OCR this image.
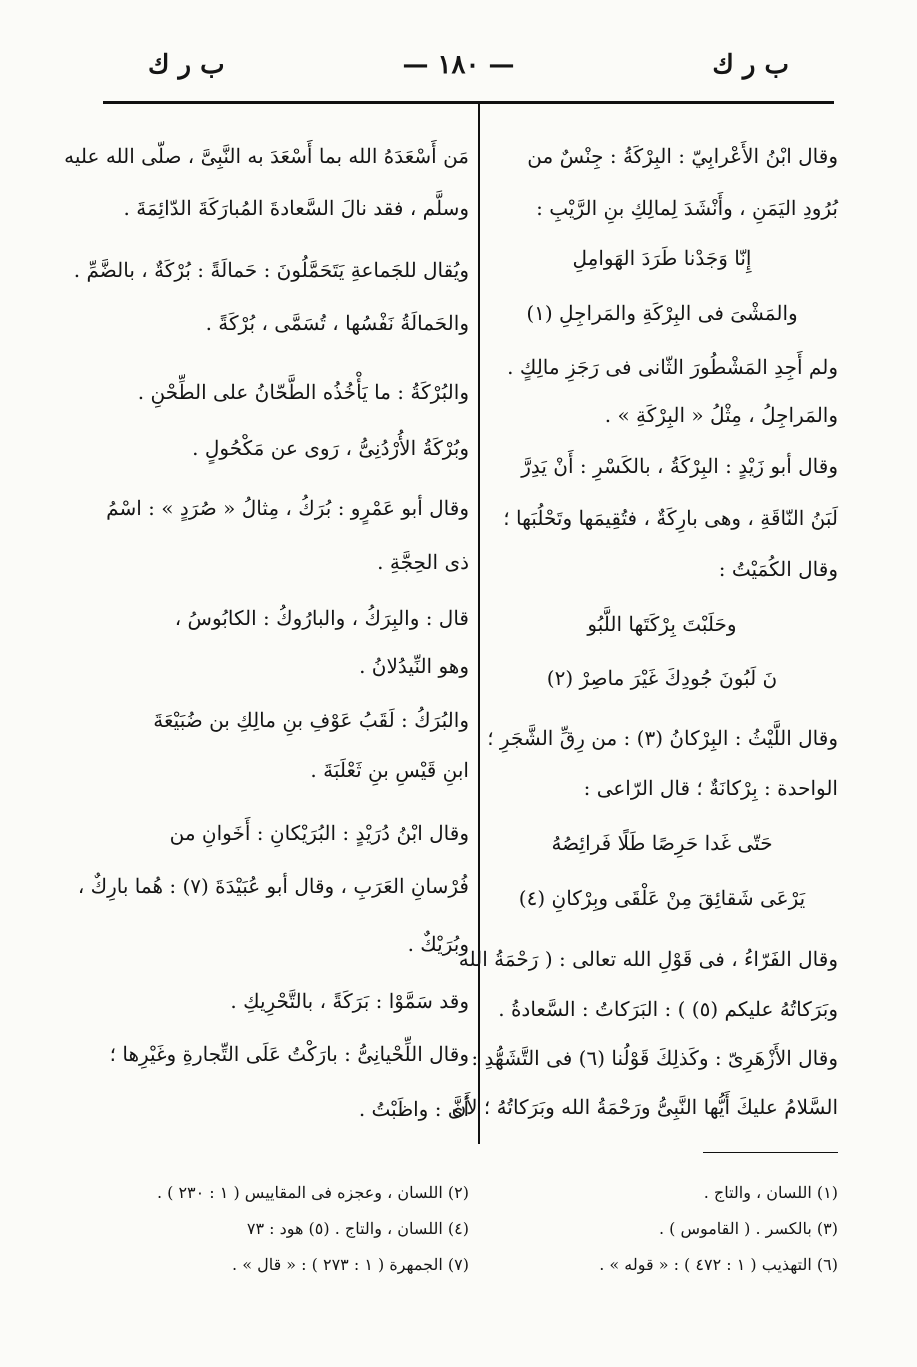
— ۱۸۰ —	ب ر ك
ب ر ك
وقال ابْنُ الأَعْرابِيّ : البِرْكَةُ : جِنْسٌ من
بُرُودِ اليَمَنِ ، وأَنْشَدَ لِمالِكِ بنِ الرَّيْبِ :
إِنّا وَجَدْنا طَرَدَ الهَوامِلِ
والمَشْىَ فى البِرْكَةِ والمَراجِلِ (۱)
ولم أَجِدِ المَشْطُورَ الثّانى فى رَجَزِ مالِكٍ .
والمَراجِلُ ، مِثْلُ « البِرْكَةِ » .
وقال أبو زَيْدٍ : البِرْكَةُ ، بالكَسْرِ : أَنْ يَدِرَّ
لَبَنُ النّاقَةِ ، وهى بارِكَةٌ ، فتُقِيمَها وتَحْلُبَها ؛
وقال الكُمَيْتُ :
وحَلَبْتَ بِرْكَتَها اللَّبُو
نَ لَبُونَ جُودِكَ غَيْرَ ماصِرْ (۲)
وقال اللَّيْثُ : البِرْكانُ (۳) : من رِقِّ الشَّجَرِ ؛
الواحدة : بِرْكانَةٌ ؛ قال الرّاعى :
حَتّى غَدا حَرِصًا طَلًا فَرائِصُهُ
يَرْعَى شَقائِقَ مِنْ عَلْقَى وبِرْكانِ (٤)
وقال الفَرّاءُ ، فى قَوْلِ الله تعالى : ( رَحْمَةُ الله
وبَرَكاتُهُ عليكم (٥) ) : البَرَكاتُ : السَّعادةُ .
وقال الأَزْهَرِىّ : وكَذلِكَ قَوْلُنا (٦) فى التَّشَهُّدِ :
السَّلامُ عليكَ أَيُّها النَّبِىُّ ورَحْمَةُ الله وبَرَكاتُهُ ؛ لأَنَّ
مَن أَسْعَدَهُ الله بما أَسْعَدَ به النَّبِىَّ ، صلّى الله عليه
وسلَّم ، فقد نالَ السَّعادةَ المُبارَكَةَ الدّائِمَةَ .
ويُقال للجَماعةِ يَتَحَمَّلُونَ : حَمالَةً : بُرْكَةٌ ، بالضَّمِّ .
والحَمالَةُ نَفْسُها ، تُسَمَّى ، بُرْكَةً .
والبُرْكَةُ : ما يَأْخُذُه الطَّحّانُ على الطِّحْنِ .
وبُرْكَةُ الأُرْدُنِىُّ ، رَوى عن مَكْحُولٍ .
وقال أبو عَمْرٍو : بُرَكُ ، مِثالُ « صُرَدٍ » : اسْمُ
ذى الحِجَّةِ .
قال : والبِرَكُ ، والبارُوكُ : الكابُوسُ ،
وهو النِّيدُلانُ .
والبُرَكُ : لَقَبُ عَوْفِ بنِ مالِكِ بن ضُبَيْعَةَ
ابنِ قَيْسِ بنِ ثَعْلَبَةَ .
وقال ابْنُ دُرَيْدٍ : البُرَيْكانِ : أَخَوانِ من
فُرْسانِ العَرَبِ ، وقال أبو عُبَيْدَةَ (٧) : هُما بارِكٌ ،
وبُرَيْكٌ .
وقد سَمَّوْا : بَرَكَةً ، بالتَّحْرِيكِ .
وقال اللِّحْيانِىُّ : بارَكْتُ عَلَى التِّجارةِ وغَيْرِها ؛
أى : واظَبْتُ .
(۱) اللسان ، والتاج .
(۳) بالكسر . ( القاموس ) .
(٦) التهذيب ( ۱ : ٤٧٢ ) : « قوله » .
(۲) اللسان ، وعجزه فى المقاييس ( ۱ : ۲۳۰ ) .
(٤) اللسان ، والتاج . (٥) هود : ٧٣
(٧) الجمهرة ( ۱ : ۲۷۳ ) : « قال » .
